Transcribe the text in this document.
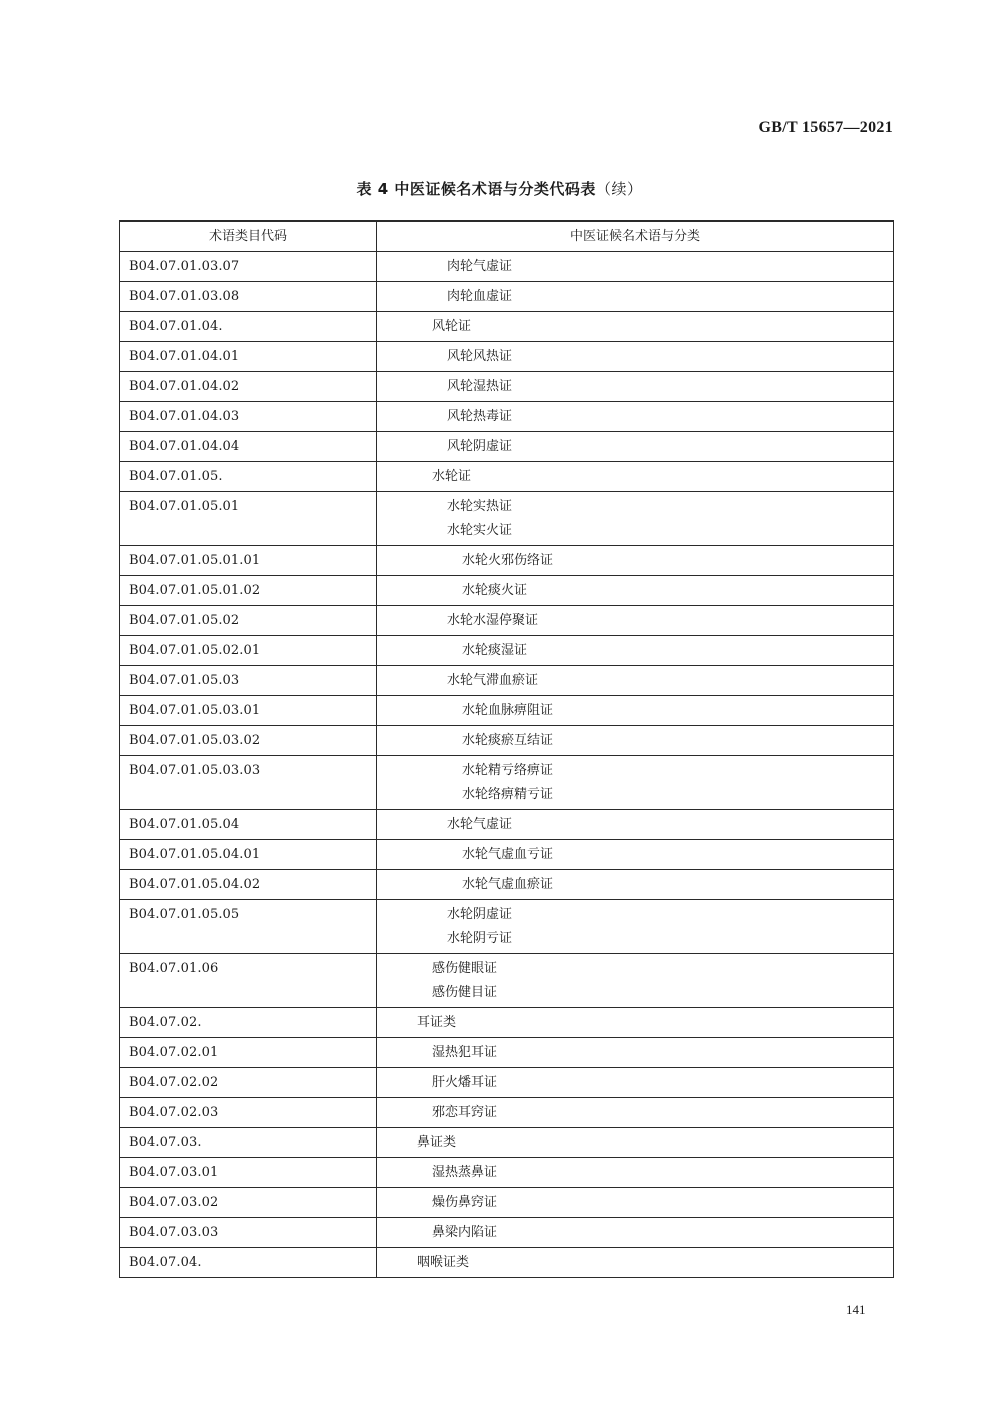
GB/T 15657—2021
表 4 中医证候名术语与分类代码表（续）
术语类目代码	中医证候名术语与分类
B04.07.01.03.07	肉轮气虚证

B04.07.01.03.08	肉轮血虚证

B04.07.01.04.	风轮证

B04.07.01.04.01	风轮风热证

B04.07.01.04.02	风轮湿热证

B04.07.01.04.03	风轮热毒证

B04.07.01.04.04	风轮阴虚证

B04.07.01.05.	水轮证

B04.07.01.05.01	水轮实热证
水轮实火证

B04.07.01.05.01.01	水轮火邪伤络证

B04.07.01.05.01.02	水轮痰火证

B04.07.01.05.02	水轮水湿停聚证

B04.07.01.05.02.01	水轮痰湿证

B04.07.01.05.03	水轮气滞血瘀证

B04.07.01.05.03.01	水轮血脉痹阻证

B04.07.01.05.03.02	水轮痰瘀互结证

B04.07.01.05.03.03	水轮精亏络痹证
水轮络痹精亏证

B04.07.01.05.04	水轮气虚证

B04.07.01.05.04.01	水轮气虚血亏证

B04.07.01.05.04.02	水轮气虚血瘀证

B04.07.01.05.05	水轮阴虚证
水轮阴亏证

B04.07.01.06	感伤健眼证
感伤健目证

B04.07.02.	耳证类

B04.07.02.01	湿热犯耳证

B04.07.02.02	肝火燔耳证

B04.07.02.03	邪恋耳窍证

B04.07.03.	鼻证类

B04.07.03.01	湿热蒸鼻证

B04.07.03.02	燥伤鼻窍证

B04.07.03.03	鼻梁内陷证

B04.07.04.	咽喉证类
141
